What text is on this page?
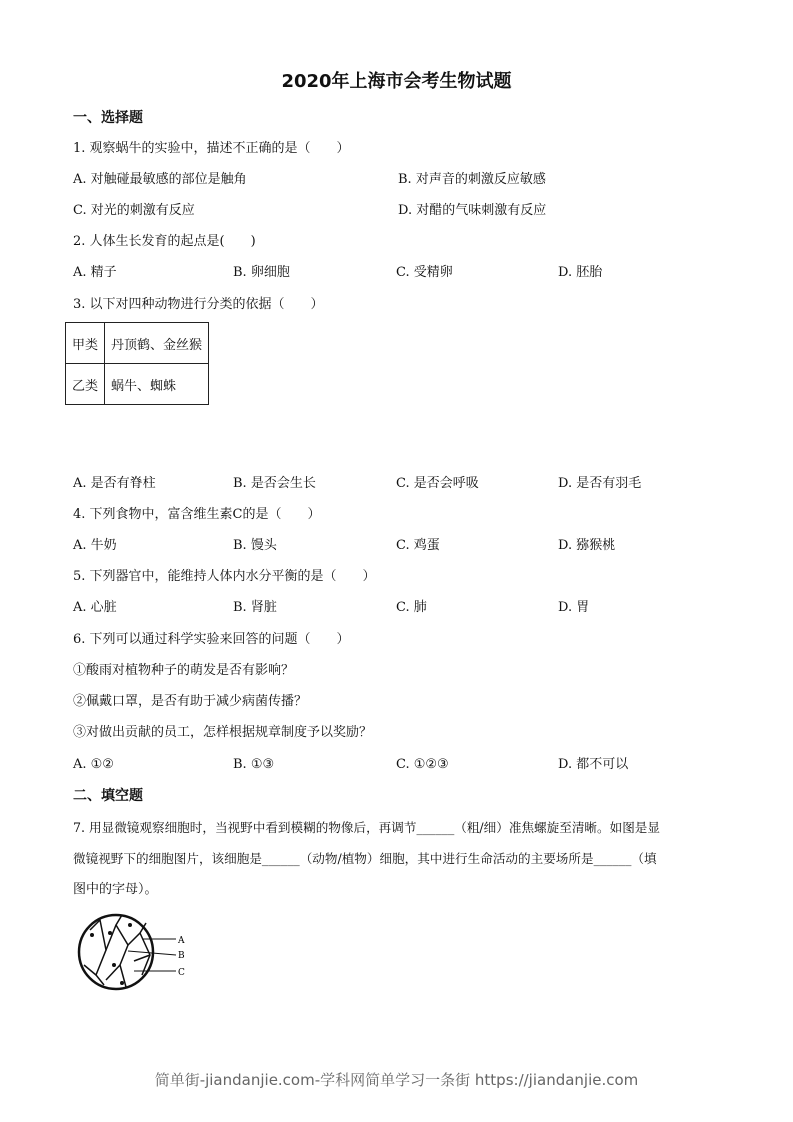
2020年上海市会考生物试题
一、选择题
1. 观察蜗牛的实验中，描述不正确的是（　　）
A. 对触碰最敏感的部位是触角	B. 对声音的刺激反应敏感
C. 对光的刺激有反应	D. 对醋的气味刺激有反应
2. 人体生长发育的起点是(　　)
A. 精子	B. 卵细胞	C. 受精卵	D. 胚胎
3. 以下对四种动物进行分类的依据（　　）
甲类	丹顶鹤、金丝猴
乙类	蜗牛、蜘蛛
A. 是否有脊柱	B. 是否会生长	C. 是否会呼吸	D. 是否有羽毛
4. 下列食物中，富含维生素C的是（　　）
A. 牛奶	B. 馒头	C. 鸡蛋	D. 猕猴桃
5. 下列器官中，能维持人体内水分平衡的是（　　）
A. 心脏	B. 肾脏	C. 肺	D. 胃
6. 下列可以通过科学实验来回答的问题（　　）
①酸雨对植物种子的萌发是否有影响？
②佩戴口罩，是否有助于减少病菌传播？
③对做出贡献的员工，怎样根据规章制度予以奖励？
A. ①②	B. ①③	C. ①②③	D. 都不可以
二、填空题
7. 用显微镜观察细胞时，当视野中看到模糊的物像后，再调节______（粗/细）准焦螺旋至清晰。如图是显
微镜视野下的细胞图片，该细胞是______（动物/植物）细胞，其中进行生命活动的主要场所是______（填
图中的字母）。
A
B
C
简单街-jiandanjie.com-学科网简单学习一条街 https://jiandanjie.com
